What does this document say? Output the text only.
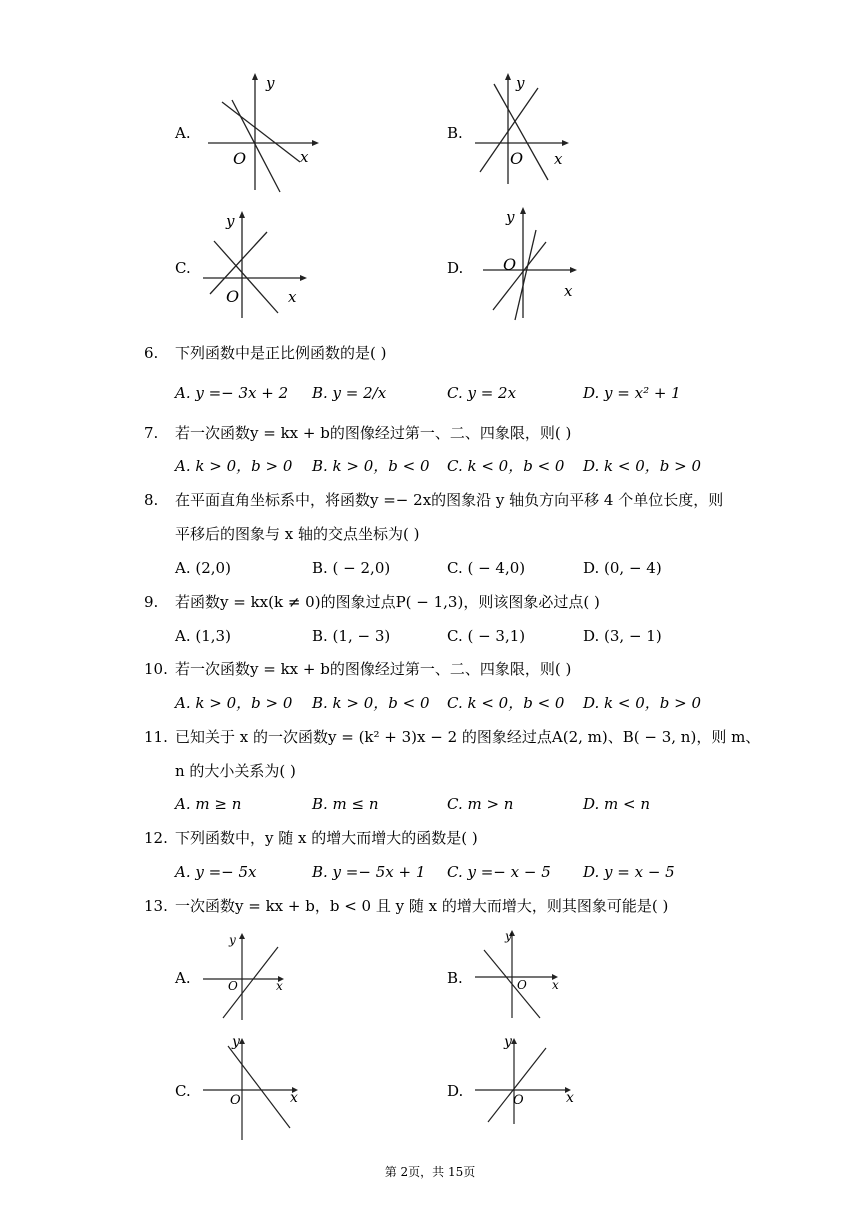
A.
y
x
O
B.
y
x
O
C.
y
x
O
D.
y
x
O
6. 下列函数中是正比例函数的是( )
A. y =− 3x + 2 B. y = 2/x	C. y = 2x	D. y = x² + 1
7. 若一次函数y = kx + b的图像经过第一、二、四象限，则( )
A. k > 0，b > 0 B. k > 0，b < 0 C. k < 0，b < 0 D. k < 0，b > 0
8. 在平面直角坐标系中，将函数y =− 2x的图象沿 y 轴负方向平移 4 个单位长度，则
平移后的图象与 x 轴的交点坐标为( )
A. (2,0)	B. ( − 2,0)	C. ( − 4,0)	D. (0, − 4)
9. 若函数y = kx(k ≠ 0)的图象过点P( − 1,3)，则该图象必过点( )
A. (1,3)	B. (1, − 3)	C. ( − 3,1)	D. (3, − 1)
10. 若一次函数y = kx + b的图像经过第一、二、四象限，则( )
A. k > 0，b > 0 B. k > 0，b < 0 C. k < 0，b < 0 D. k < 0，b > 0
11. 已知关于 x 的一次函数y = (k² + 3)x − 2 的图象经过点A(2, m)、B( − 3, n)，则 m、
n 的大小关系为( )
A. m ≥ n	B. m ≤ n	C. m > n	D. m < n
12. 下列函数中，y 随 x 的增大而增大的函数是( )
A. y =− 5x	B. y =− 5x + 1 C. y =− x − 5 D. y = x − 5
13. 一次函数y = kx + b，b < 0 且 y 随 x 的增大而增大，则其图象可能是( )
A.
y
x
O	B.
y
x
O
C.
y
x
O
D.
y
x
O
第 2页，共 15页
